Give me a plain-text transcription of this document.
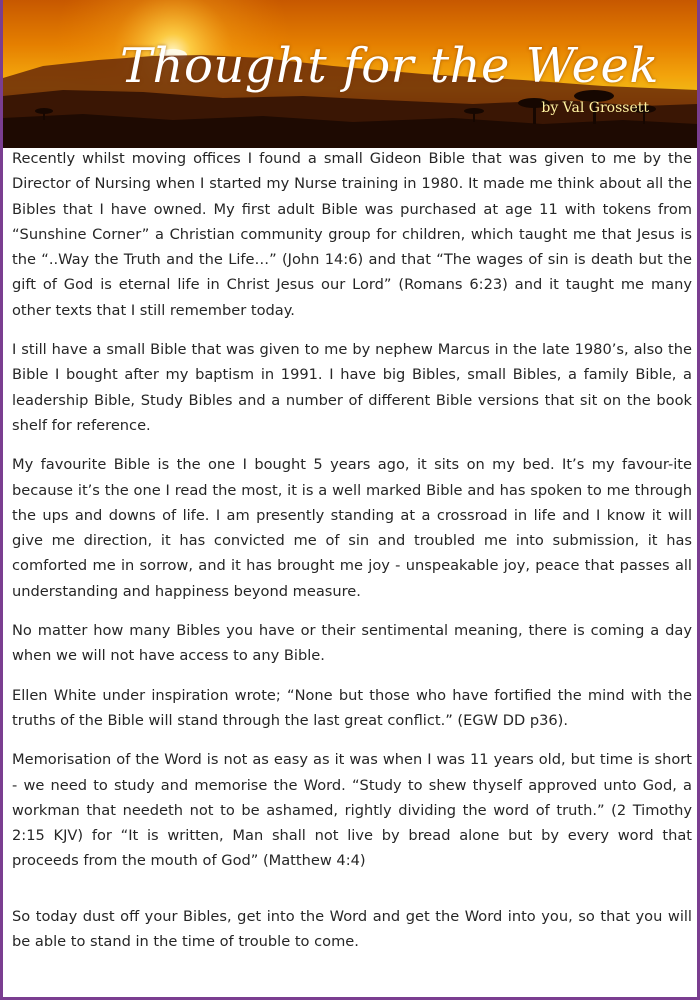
Thought for the Week
by Val Grossett

Recently whilst moving offices I found a small Gideon Bible that was given to me by the Director of Nursing when I started my Nurse training in 1980. It made me think about all the Bibles that I have owned. My first adult Bible was purchased at age 11 with tokens from “Sunshine Corner” a Christian community group for children, which taught me that Jesus is the “..Way the Truth and the Life…” (John 14:6) and that “The wages of sin is death but the gift of God is eternal life in Christ Jesus our Lord” (Romans 6:23) and it taught me many other texts that I still remember today.

I still have a small Bible that was given to me by nephew Marcus in the late 1980’s, also the Bible I bought after my baptism in 1991. I have big Bibles, small Bibles, a family Bible, a leadership Bible, Study Bibles and a number of different Bible versions that sit on the book shelf for reference.

My favourite Bible is the one I bought 5 years ago, it sits on my bed. It’s my favour-ite because it’s the one I read the most, it is a well marked Bible and has spoken to me through the ups and downs of life. I am presently standing at a crossroad in life and I know it will give me direction, it has convicted me of sin and troubled me into submission, it has comforted me in sorrow, and it has brought me joy - unspeakable joy, peace that passes all understanding and happiness beyond measure.

No matter how many Bibles you have or their sentimental meaning, there is coming a day when we will not have access to any Bible.

Ellen White under inspiration wrote; “None but those who have fortified the mind with the truths of the Bible will stand through the last great conflict.” (EGW DD p36).

Memorisation of the Word is not as easy as it was when I was 11 years old, but time is short - we need to study and memorise the Word. “Study to shew thyself approved unto God, a workman that needeth not to be ashamed, rightly dividing the word of truth.” (2 Timothy 2:15 KJV) for “It is written, Man shall not live by bread alone but by every word that proceeds from the mouth of God” (Matthew 4:4)

So today dust off your Bibles, get into the Word and get the Word into you, so that you will be able to stand in the time of trouble to come.
